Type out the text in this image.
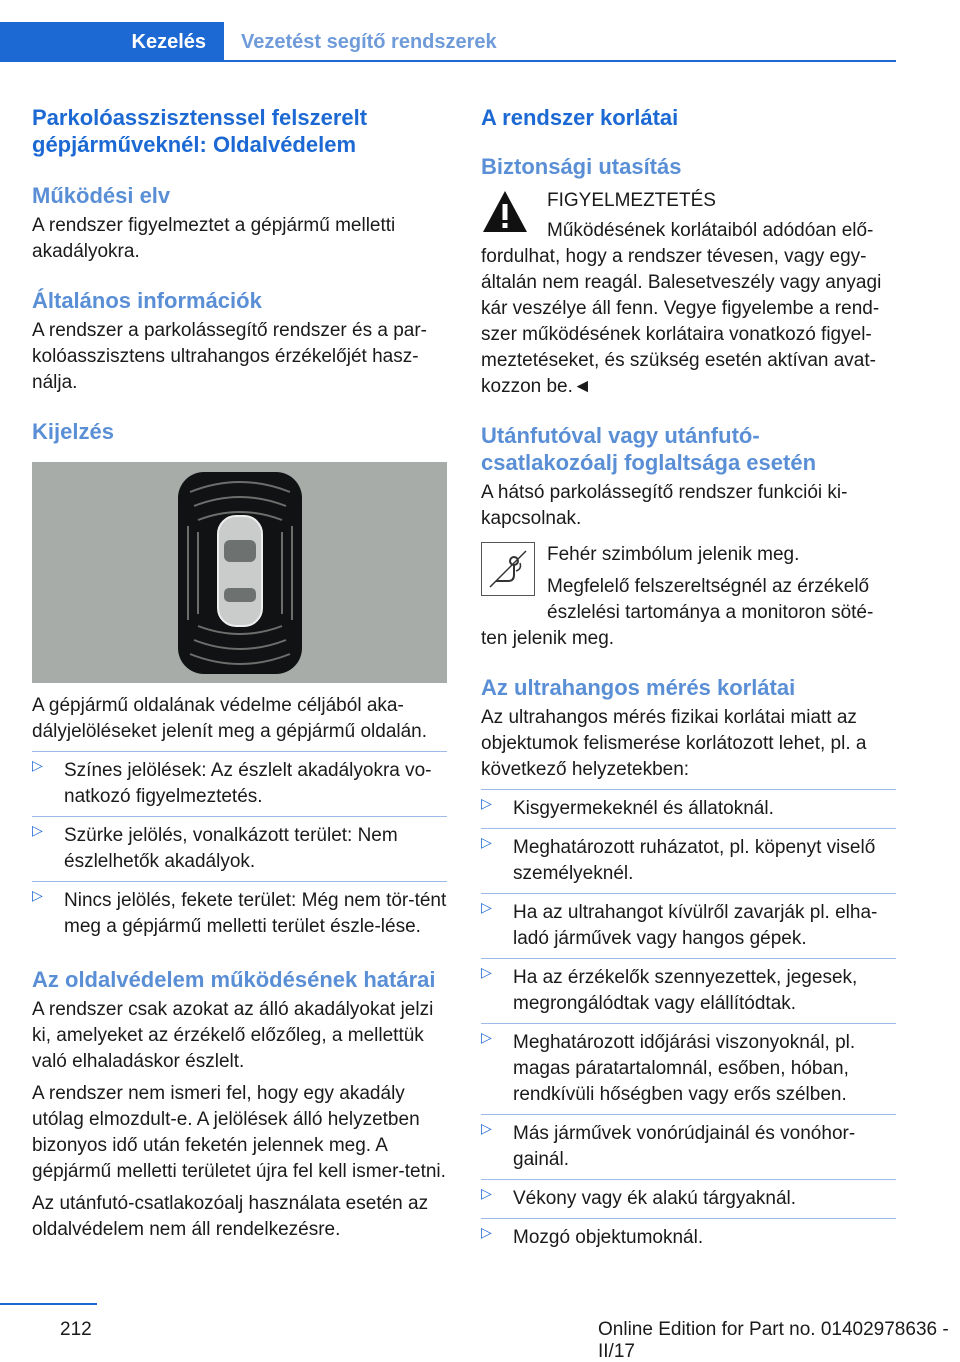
Kezelés Vezetést segítő rendszerek
Parkolóasszisztenssel felszerelt gépjárműveknél: Oldalvédelem
Működési elv

A rendszer figyelmeztet a gépjármű melletti akadályokra.

Általános információk

A rendszer a parkolássegítő rendszer és a par-kolóasszisztens ultrahangos érzékelőjét hasz-nálja.

Kijelzés

A gépjármű oldalának védelme céljából aka-dályjelöléseket jelenít meg a gépjármű oldalán.

▷ Színes jelölések: Az észlelt akadályokra vo-natkozó figyelmeztetés.
▷ Szürke jelölés, vonalkázott terület: Nem észlelhetők akadályok.
▷ Nincs jelölés, fekete terület: Még nem tör-tént meg a gépjármű melletti terület észle-lése.
Az oldalvédelem működésének határai

A rendszer csak azokat az álló akadályokat jelzi ki, amelyeket az érzékelő előzőleg, a mellettük való elhaladáskor észlelt.

A rendszer nem ismeri fel, hogy egy akadály utólag elmozdult-e. A jelölések álló helyzetben bizonyos idő után feketén jelennek meg. A gépjármű melletti területet újra fel kell ismer-tetni.

Az utánfutó-csatlakozóalj használata esetén az oldalvédelem nem áll rendelkezésre.

A rendszer korlátai
Biztonsági utasítás

FIGYELMEZTETÉS

Működésének korlátaiból adódóan elő-

fordulhat, hogy a rendszer tévesen, vagy egy-általán nem reagál. Balesetveszély vagy anyagi kár veszélye áll fenn. Vegye figyelembe a rend-szer működésének korlátaira vonatkozó figyel-meztetéseket, és szükség esetén aktívan avat-kozzon be.◄

Utánfutóval vagy utánfutó-csatlakozóalj foglaltsága esetén

A hátsó parkolássegítő rendszer funkciói ki-kapcsolnak.

Fehér szimbólum jelenik meg.

Megfelelő felszereltségnél az érzékelő észlelési tartománya a monitoron söté-

ten jelenik meg.

Az ultrahangos mérés korlátai

Az ultrahangos mérés fizikai korlátai miatt az objektumok felismerése korlátozott lehet, pl. a következő helyzetekben:

▷ Kisgyermekeknél és állatoknál.
▷ Meghatározott ruházatot, pl. köpenyt viselő személyeknél.
▷ Ha az ultrahangot kívülről zavarják pl. elha-ladó járművek vagy hangos gépek.
▷ Ha az érzékelők szennyezettek, jegesek, megrongálódtak vagy elállítódtak.
▷ Meghatározott időjárási viszonyoknál, pl. magas páratartalomnál, esőben, hóban, rendkívüli hőségben vagy erős szélben.
▷ Más járművek vonórúdjainál és vonóhor-gainál.
▷ Vékony vagy ék alakú tárgyaknál.
▷ Mozgó objektumoknál.
212	Online Edition for Part no. 01402978636 - II/17
